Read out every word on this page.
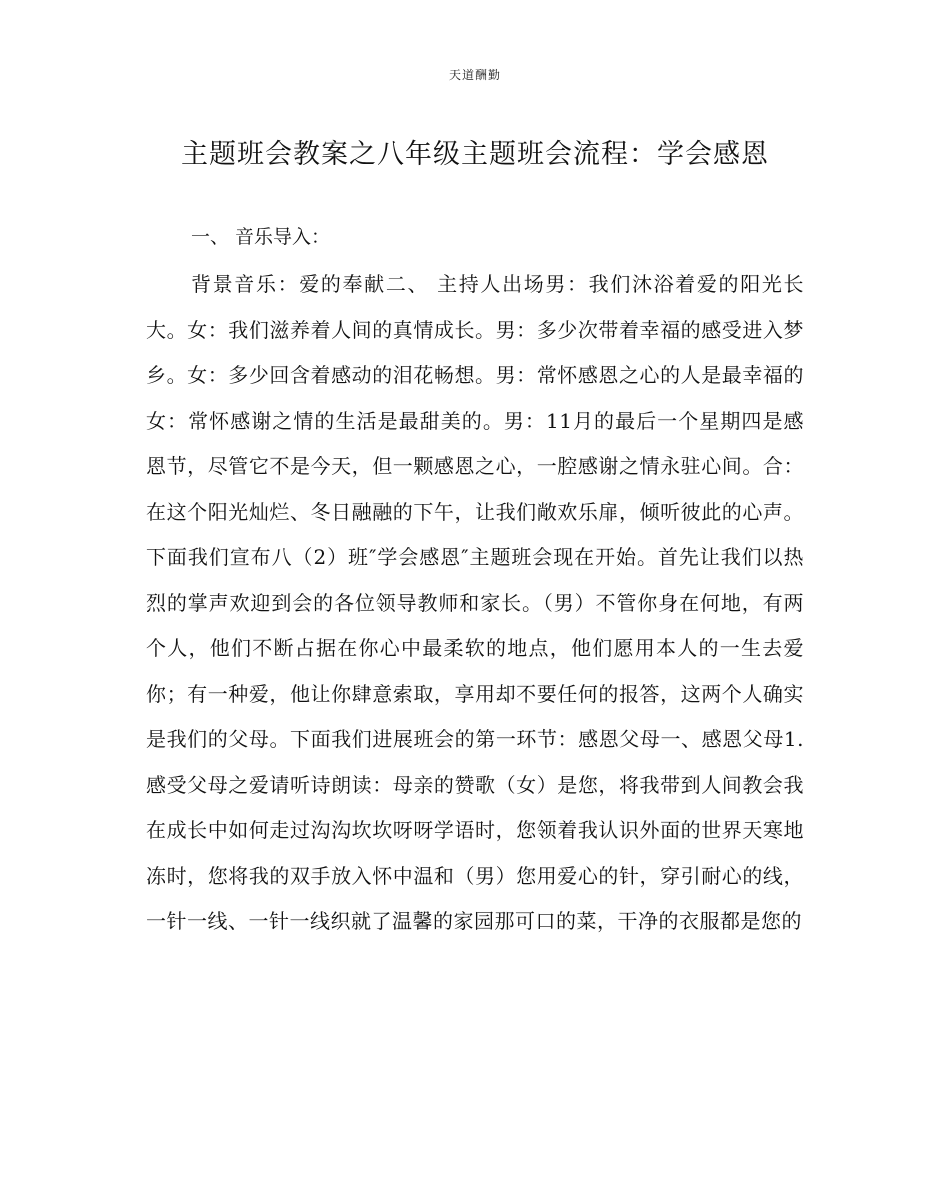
天道酬勤
主题班会教案之八年级主题班会流程：学会感恩

一、 音乐导入：

背景音乐：爱的奉献二、 主持人出场男：我们沐浴着爱的阳光长大。女：我们滋养着人间的真情成长。男：多少次带着幸福的感受进入梦乡。女：多少回含着感动的泪花畅想。男：常怀感恩之心的人是最幸福的女：常怀感谢之情的生活是最甜美的。男：11月的最后一个星期四是感恩节，尽管它不是今天，但一颗感恩之心，一腔感谢之情永驻心间。合：在这个阳光灿烂、冬日融融的下午，让我们敞欢乐扉，倾听彼此的心声。下面我们宣布八（2）班″学会感恩″主题班会现在开始。首先让我们以热烈的掌声欢迎到会的各位领导教师和家长。（男）不管你身在何地，有两个人，他们不断占据在你心中最柔软的地点，他们愿用本人的一生去爱你；有一种爱，他让你肆意索取，享用却不要任何的报答，这两个人确实是我们的父母。下面我们进展班会的第一环节：感恩父母一、感恩父母1.　感受父母之爱请听诗朗读：母亲的赞歌（女）是您，将我带到人间教会我在成长中如何走过沟沟坎坎呀呀学语时，您领着我认识外面的世界天寒地冻时，您将我的双手放入怀中温和（男）您用爱心的针，穿引耐心的线，一针一线、一针一线织就了温馨的家园那可口的菜，干净的衣服都是您的
